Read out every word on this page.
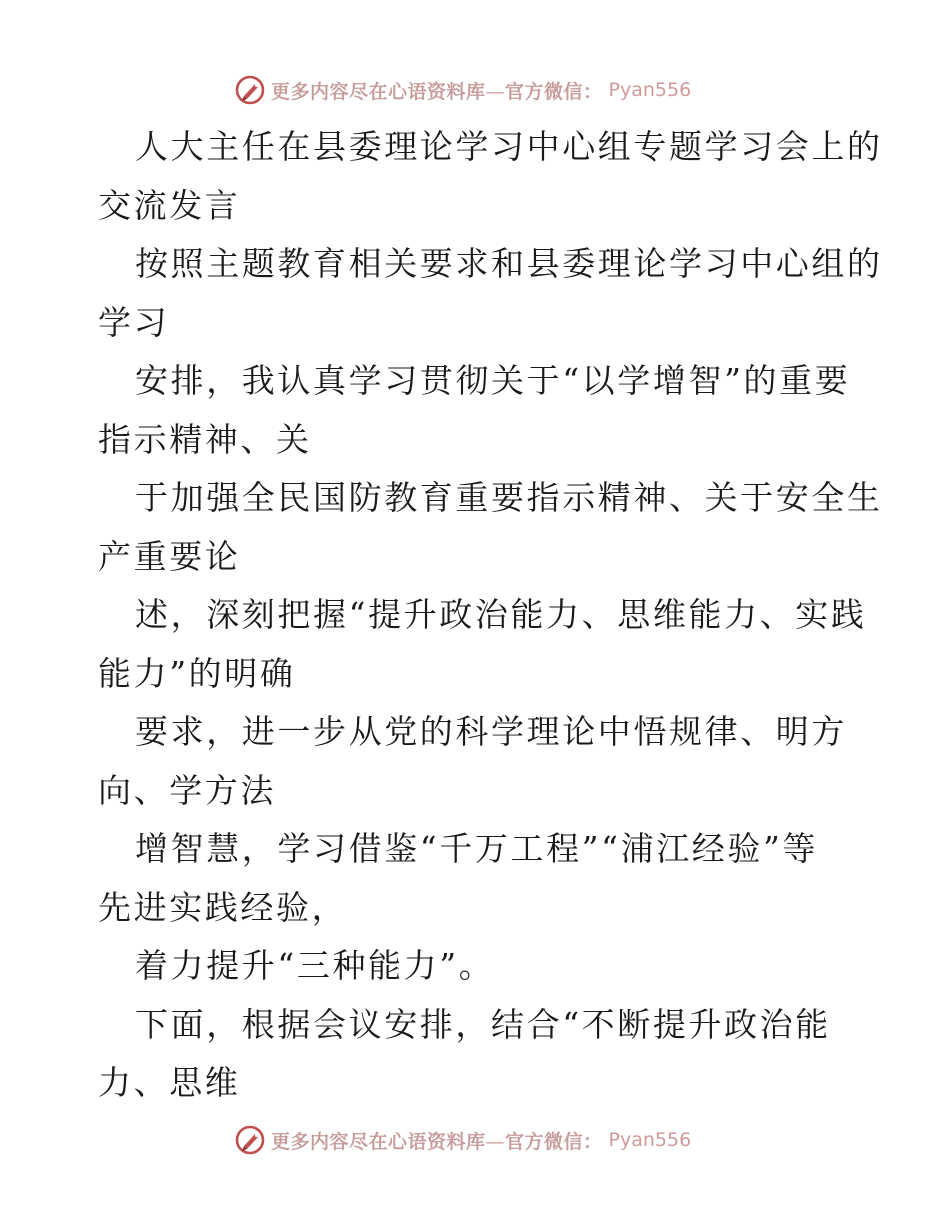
更多内容尽在心语资料库—官方微信： Pyan556
人大主任在县委理论学习中心组专题学习会上的
交流发言
按照主题教育相关要求和县委理论学习中心组的
学习
安排，我认真学习贯彻关于“以学增智”的重要
指示精神、关
于加强全民国防教育重要指示精神、关于安全生
产重要论
述，深刻把握“提升政治能力、思维能力、实践
能力”的明确
要求，进一步从党的科学理论中悟规律、明方
向、学方法
增智慧，学习借鉴“千万工程”“浦江经验”等
先进实践经验，
着力提升“三种能力”。
下面，根据会议安排，结合“不断提升政治能
力、思维
更多内容尽在心语资料库—官方微信： Pyan556
